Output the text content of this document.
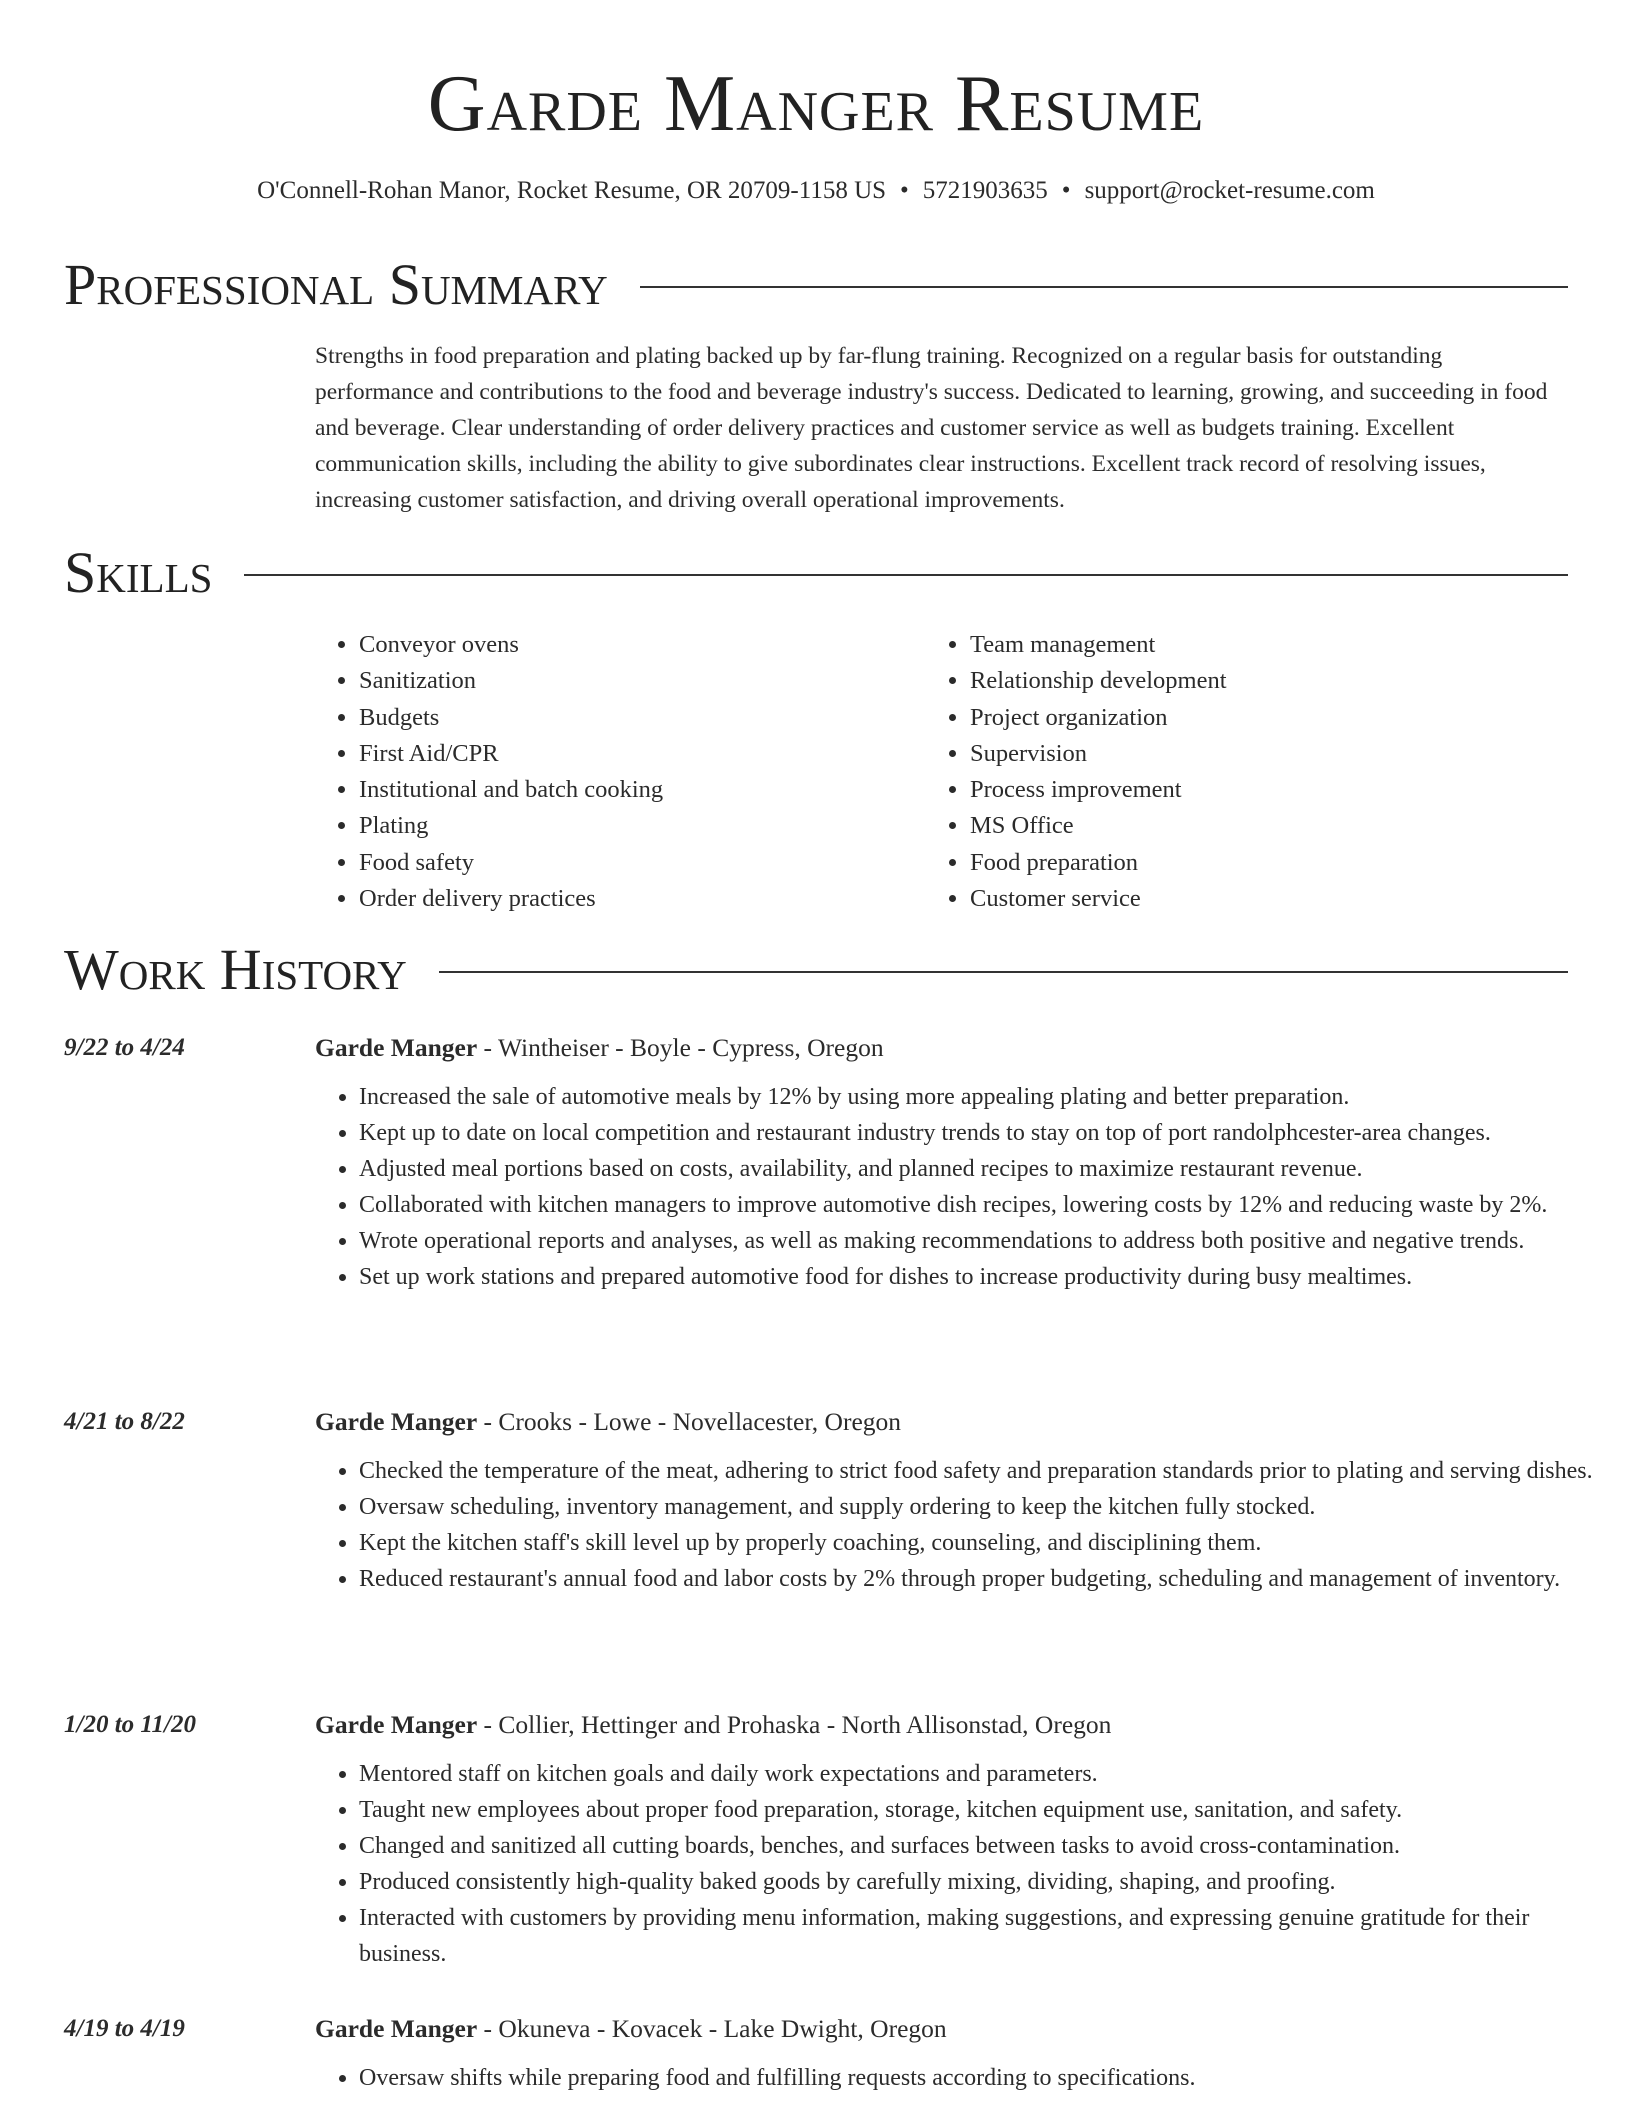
Garde Manger Resume
O'Connell-Rohan Manor, Rocket Resume, OR 20709-1158 US • 5721903635 • support@rocket-resume.com
Professional Summary

Strengths in food preparation and plating backed up by far-flung training. Recognized on a regular basis for outstanding performance and contributions to the food and beverage industry's success. Dedicated to learning, growing, and succeeding in food and beverage. Clear understanding of order delivery practices and customer service as well as budgets training. Excellent communication skills, including the ability to give subordinates clear instructions. Excellent track record of resolving issues, increasing customer satisfaction, and driving overall operational improvements.

Skills
• Conveyor ovens
• Sanitization
• Budgets
• First Aid/CPR
• Institutional and batch cooking
• Plating
• Food safety
• Order delivery practices
• Team management
• Relationship development
• Project organization
• Supervision
• Process improvement
• MS Office
• Food preparation
• Customer service
Work History
9/22 to 4/24	Garde Manger - Wintheiser - Boyle - Cypress, Oregon
• Increased the sale of automotive meals by 12% by using more appealing plating and better preparation.
• Kept up to date on local competition and restaurant industry trends to stay on top of port randolphcester-area changes.
• Adjusted meal portions based on costs, availability, and planned recipes to maximize restaurant revenue.
• Collaborated with kitchen managers to improve automotive dish recipes, lowering costs by 12% and reducing waste by 2%.
• Wrote operational reports and analyses, as well as making recommendations to address both positive and negative trends.
• Set up work stations and prepared automotive food for dishes to increase productivity during busy mealtimes.
4/21 to 8/22	Garde Manger - Crooks - Lowe - Novellacester, Oregon
• Checked the temperature of the meat, adhering to strict food safety and preparation standards prior to plating and serving dishes.
• Oversaw scheduling, inventory management, and supply ordering to keep the kitchen fully stocked.
• Kept the kitchen staff's skill level up by properly coaching, counseling, and disciplining them.
• Reduced restaurant's annual food and labor costs by 2% through proper budgeting, scheduling and management of inventory.
1/20 to 11/20	Garde Manger - Collier, Hettinger and Prohaska - North Allisonstad, Oregon
• Mentored staff on kitchen goals and daily work expectations and parameters.
• Taught new employees about proper food preparation, storage, kitchen equipment use, sanitation, and safety.
• Changed and sanitized all cutting boards, benches, and surfaces between tasks to avoid cross-contamination.
• Produced consistently high-quality baked goods by carefully mixing, dividing, shaping, and proofing.
• Interacted with customers by providing menu information, making suggestions, and expressing genuine gratitude for their business.
4/19 to 4/19	Garde Manger - Okuneva - Kovacek - Lake Dwight, Oregon
• Oversaw shifts while preparing food and fulfilling requests according to specifications.
